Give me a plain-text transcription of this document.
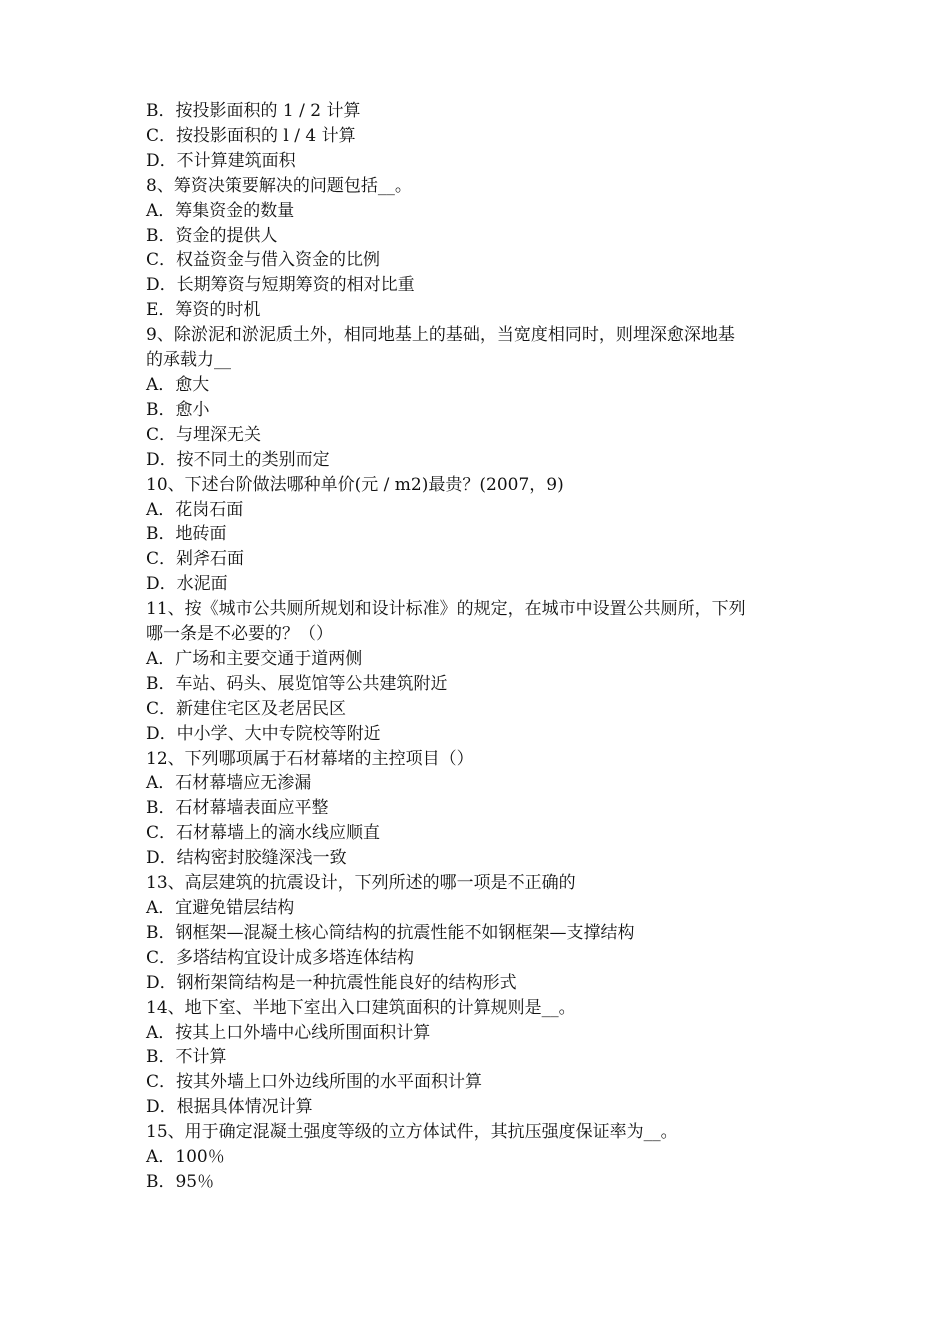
B．按投影面积的 1 / 2 计算
C．按投影面积的 l / 4 计算
D．不计算建筑面积
8、筹资决策要解决的问题包括__。
A．筹集资金的数量
B．资金的提供人
C．权益资金与借入资金的比例
D．长期筹资与短期筹资的相对比重
E．筹资的时机
9、除淤泥和淤泥质土外，相同地基上的基础，当宽度相同时，则埋深愈深地基
的承载力__
A．愈大
B．愈小
C．与埋深无关
D．按不同土的类别而定
10、下述台阶做法哪种单价(元 / m2)最贵？(2007，9)
A．花岗石面
B．地砖面
C．剁斧石面
D．水泥面
11、按《城市公共厕所规划和设计标准》的规定，在城市中设置公共厕所，下列
哪一条是不必要的？（）
A．广场和主要交通于道两侧
B．车站、码头、展览馆等公共建筑附近
C．新建住宅区及老居民区
D．中小学、大中专院校等附近
12、下列哪项属于石材幕堵的主控项目（）
A．石材幕墙应无渗漏
B．石材幕墙表面应平整
C．石材幕墙上的滴水线应顺直
D．结构密封胶缝深浅一致
13、高层建筑的抗震设计，下列所述的哪一项是不正确的
A．宜避免错层结构
B．钢框架—混凝土核心筒结构的抗震性能不如钢框架—支撑结构
C．多塔结构宜设计成多塔连体结构
D．钢桁架筒结构是一种抗震性能良好的结构形式
14、地下室、半地下室出入口建筑面积的计算规则是__。
A．按其上口外墙中心线所围面积计算
B．不计算
C．按其外墙上口外边线所围的水平面积计算
D．根据具体情况计算
15、用于确定混凝土强度等级的立方体试件，其抗压强度保证率为__。
A．100％
B．95％
